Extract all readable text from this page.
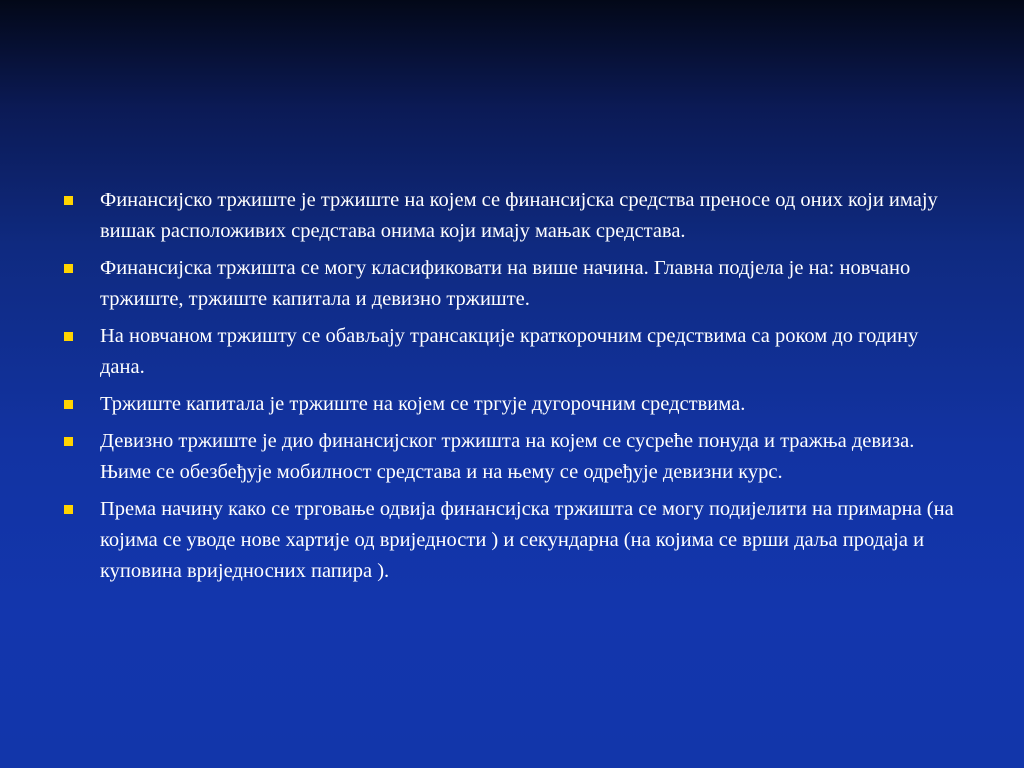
Финансијско тржиште је тржиште на којем се финансијска средства преносе од оних који имају вишак расположивих средстава онима који имају мањак средстава.
Финансијска тржишта се могу класификовати на више начина. Главна подјела је на: новчано тржиште, тржиште капитала и девизно тржиште.
На новчаном тржишту се обављају трансакције краткорочним средствима са роком до годину дана.
Тржиште капитала је тржиште на којем се тргује дугорочним средствима.
Девизно тржиште је дио финансијског тржишта на којем се сусреће понуда и тражња девиза. Њиме се обезбеђује мобилност средстава и на њему се одређује девизни курс.
Према начину како се трговање одвија финансијска тржишта се могу подијелити на примарна (на којима се уводе нове хартије од вриједности ) и секундарна (на којима се врши даља продаја и куповина вриједносних папира ).
